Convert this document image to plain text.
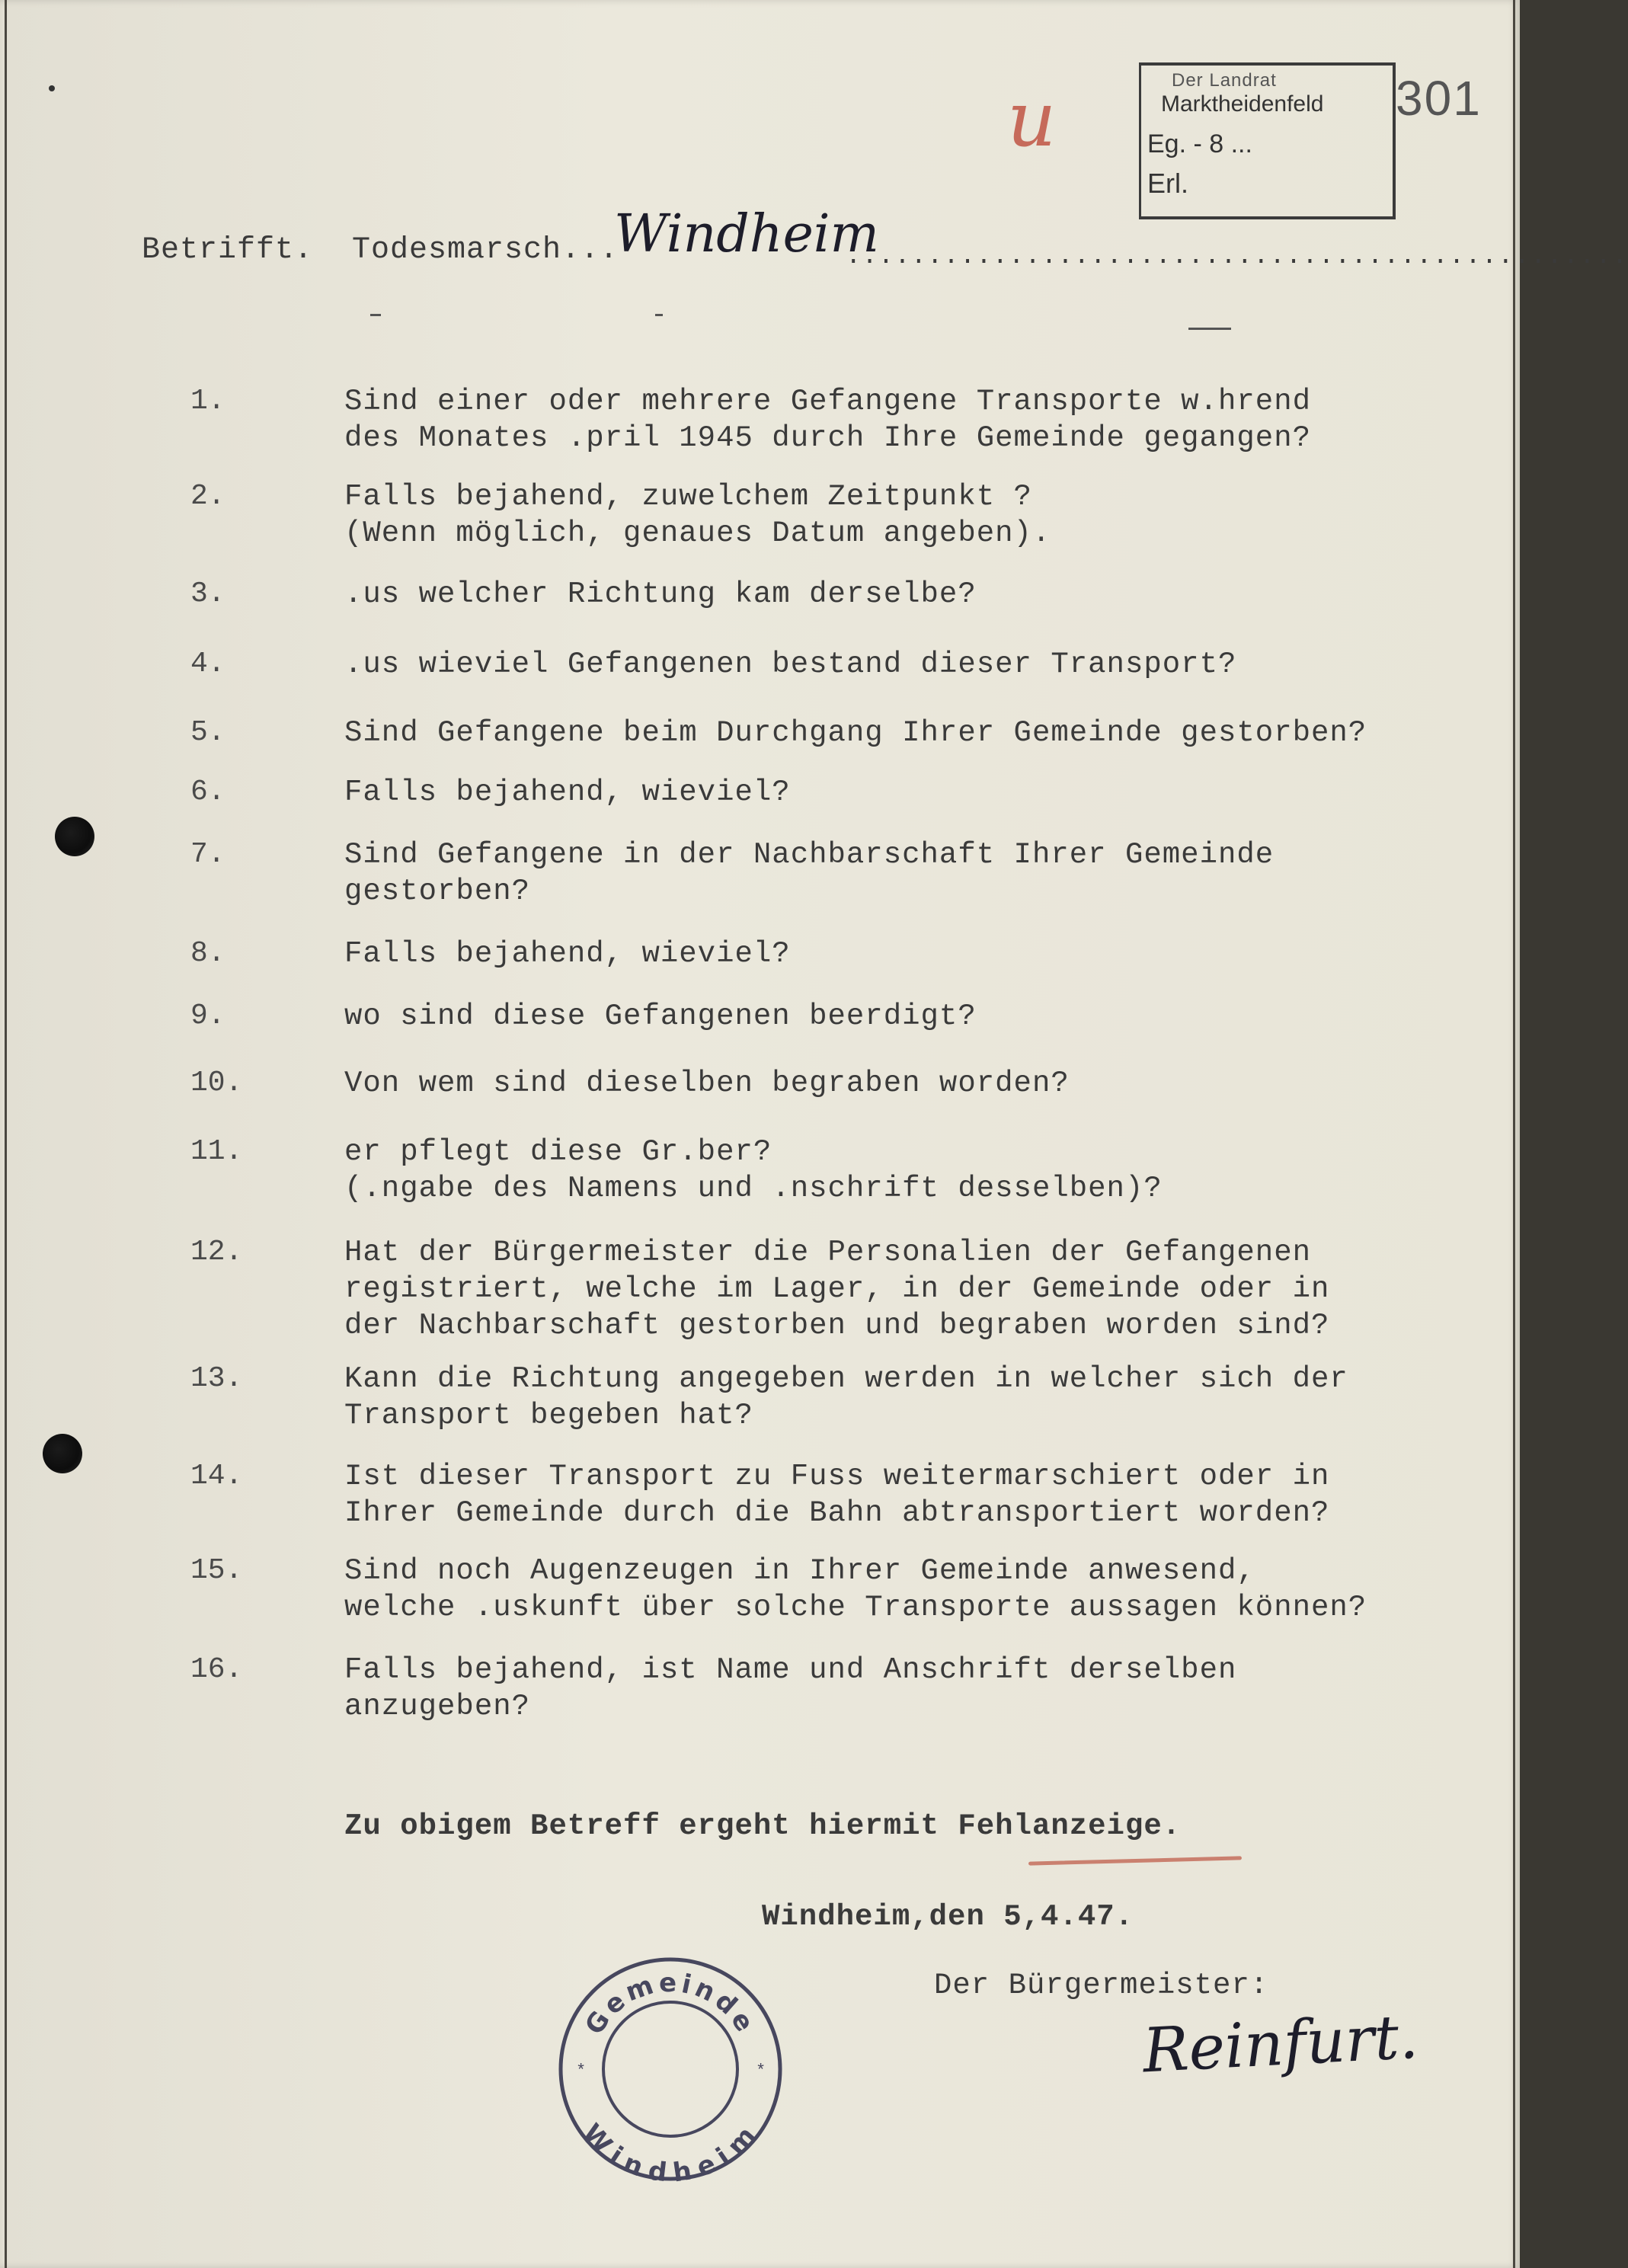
u	Der Landrat
Marktheidenfeld
Eg. - 8 ...
Erl.
301
Betrifft. Todesmarsch...
Windheim
................................................
1.	Sind einer oder mehrere Gefangene Transporte w.hrend
des Monates .pril 1945 durch Ihre Gemeinde gegangen?
2.	Falls bejahend, zuwelchem Zeitpunkt ?
(Wenn möglich, genaues Datum angeben).
3.	.us welcher Richtung kam derselbe?
4.	.us wieviel Gefangenen bestand dieser Transport?
5.	Sind Gefangene beim Durchgang Ihrer Gemeinde gestorben?
6.	Falls bejahend, wieviel?
7.	Sind Gefangene in der Nachbarschaft Ihrer Gemeinde
gestorben?
8.	Falls bejahend, wieviel?
9.	wo sind diese Gefangenen beerdigt?
10.	Von wem sind dieselben begraben worden?
11.	er pflegt diese Gr.ber?
(.ngabe des Namens und .nschrift desselben)?
12.	Hat der Bürgermeister die Personalien der Gefangenen
registriert, welche im Lager, in der Gemeinde oder in
der Nachbarschaft gestorben und begraben worden sind?
13.	Kann die Richtung angegeben werden in welcher sich der
Transport begeben hat?
14.	Ist dieser Transport zu Fuss weitermarschiert oder in
Ihrer Gemeinde durch die Bahn abtransportiert worden?
15.	Sind noch Augenzeugen in Ihrer Gemeinde anwesend,
welche .uskunft über solche Transporte aussagen können?
16.	Falls bejahend, ist Name und Anschrift derselben
anzugeben?
Zu obigem Betreff ergeht hiermit Fehlanzeige.
Windheim,den 5,4.47.
Der Bürgermeister:
Reinfurt.
Gemeinde
Windheim
*	*
